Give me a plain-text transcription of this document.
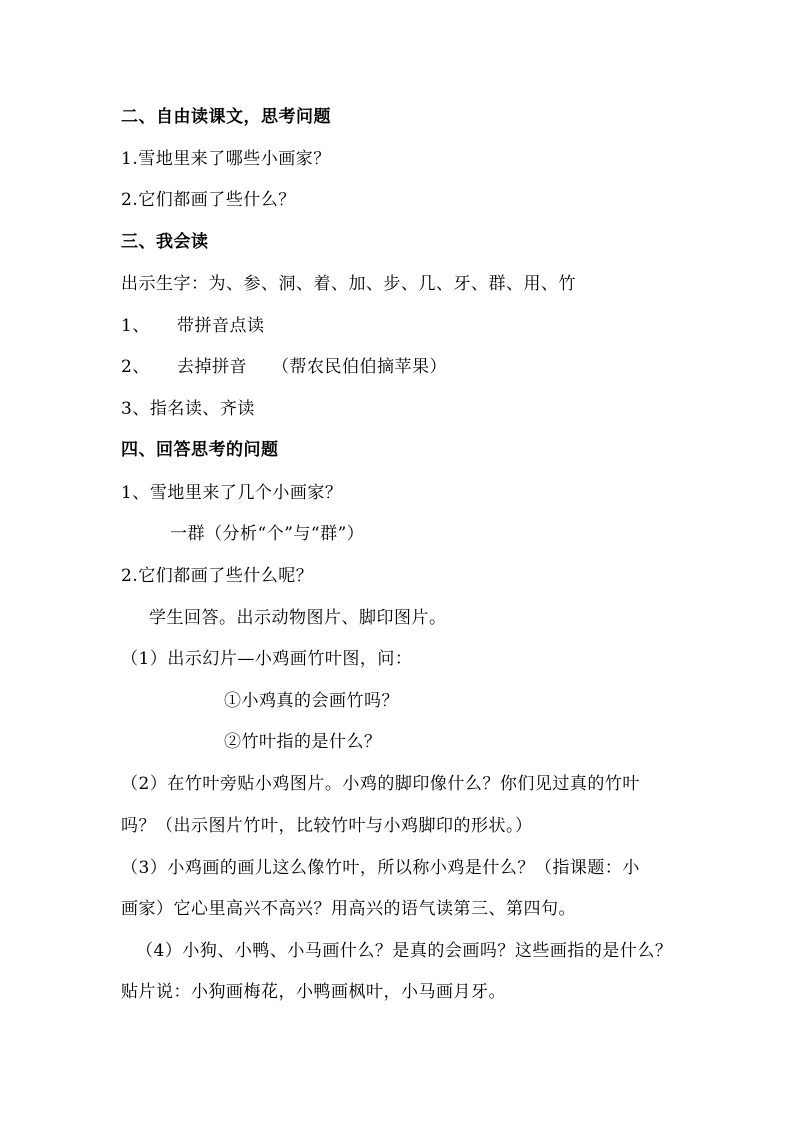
二、自由读课文，思考问题
1.雪地里来了哪些小画家？
2.它们都画了些什么？
三、我会读
出示生字：为、参、洞、着、加、步、几、牙、群、用、竹
1、 带拼音点读
2、 去掉拼音 （帮农民伯伯摘苹果）
3、指名读、齐读
四、回答思考的问题
1、雪地里来了几个小画家？
一群（分析“个”与“群”）
2.它们都画了些什么呢？
学生回答。出示动物图片、脚印图片。
（1）出示幻片—小鸡画竹叶图，问：
①小鸡真的会画竹吗？
②竹叶指的是什么？
（2）在竹叶旁贴小鸡图片。小鸡的脚印像什么？你们见过真的竹叶
吗？（出示图片竹叶，比较竹叶与小鸡脚印的形状。）
（3）小鸡画的画儿这么像竹叶，所以称小鸡是什么？（指课题：小
画家）它心里高兴不高兴？用高兴的语气读第三、第四句。
（4）小狗、小鸭、小马画什么？是真的会画吗？这些画指的是什么？
贴片说：小狗画梅花，小鸭画枫叶，小马画月牙。
